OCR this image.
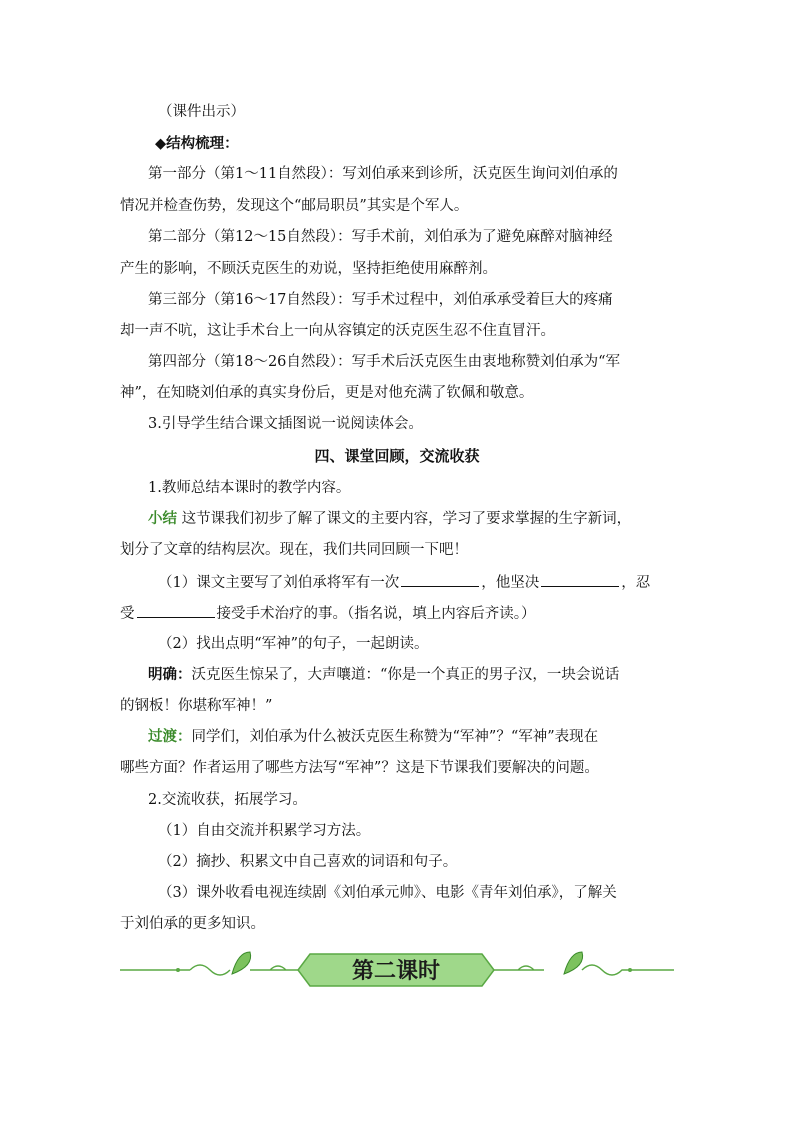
（课件出示）
◆结构梳理：
第一部分（第1～11自然段）：写刘伯承来到诊所，沃克医生询问刘伯承的
情况并检查伤势，发现这个“邮局职员”其实是个军人。
第二部分（第12～15自然段）：写手术前，刘伯承为了避免麻醉对脑神经
产生的影响，不顾沃克医生的劝说，坚持拒绝使用麻醉剂。
第三部分（第16～17自然段）：写手术过程中，刘伯承承受着巨大的疼痛
却一声不吭，这让手术台上一向从容镇定的沃克医生忍不住直冒汗。
第四部分（第18～26自然段）：写手术后沃克医生由衷地称赞刘伯承为“军
神”，在知晓刘伯承的真实身份后，更是对他充满了钦佩和敬意。
3.引导学生结合课文插图说一说阅读体会。
四、课堂回顾，交流收获
1.教师总结本课时的教学内容。
小结 这节课我们初步了解了课文的主要内容，学习了要求掌握的生字新词，
划分了文章的结构层次。现在，我们共同回顾一下吧！
（1）课文主要写了刘伯承将军有一次	，他坚决	，忍
受	接受手术治疗的事。（指名说，填上内容后齐读。）
（2）找出点明“军神”的句子，一起朗读。
明确：沃克医生惊呆了，大声嚷道：“你是一个真正的男子汉，一块会说话
的钢板！你堪称军神！”
过渡：同学们，刘伯承为什么被沃克医生称赞为“军神”？“军神”表现在
哪些方面？作者运用了哪些方法写“军神”？这是下节课我们要解决的问题。
2.交流收获，拓展学习。
（1）自由交流并积累学习方法。
（2）摘抄、积累文中自己喜欢的词语和句子。
（3）课外收看电视连续剧《刘伯承元帅》、电影《青年刘伯承》，了解关
于刘伯承的更多知识。
第二课时
